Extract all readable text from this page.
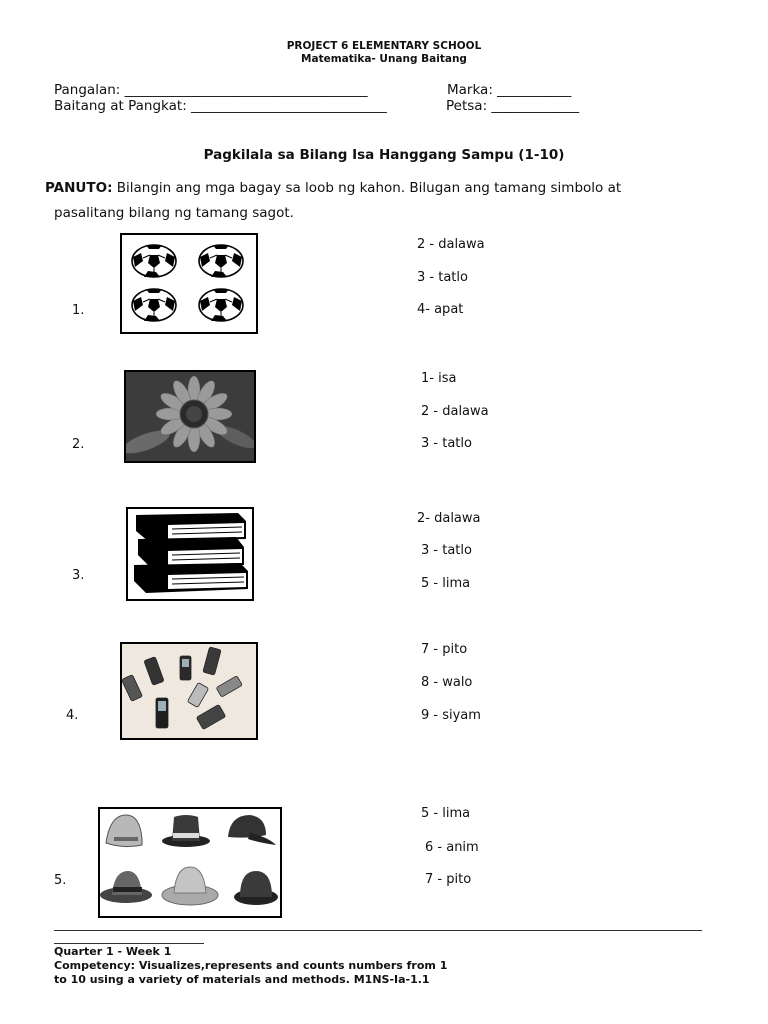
PROJECT 6 ELEMENTARY SCHOOL
Matematika- Unang Baitang
Pangalan: ____________________________________	Marka: ___________
Baitang at Pangkat: _____________________________	Petsa: _____________
Pagkilala sa Bilang Isa Hanggang Sampu (1-10)
PANUTO: Bilangin ang mga bagay sa loob ng kahon. Bilugan ang tamang simbolo at
pasalitang bilang ng tamang sagot.
1.
2 - dalawa
3 - tatlo
4- apat
2.
1- isa
2 - dalawa
3 - tatlo
3.
2- dalawa
3 - tatlo
5 - lima
4.
7 - pito
8 - walo
9 - siyam
5.
5 - lima
6 - anim
7 - pito
Quarter 1 - Week 1
Competency: Visualizes,represents and counts numbers from 1
to 10 using a variety of materials and methods. M1NS-Ia-1.1
